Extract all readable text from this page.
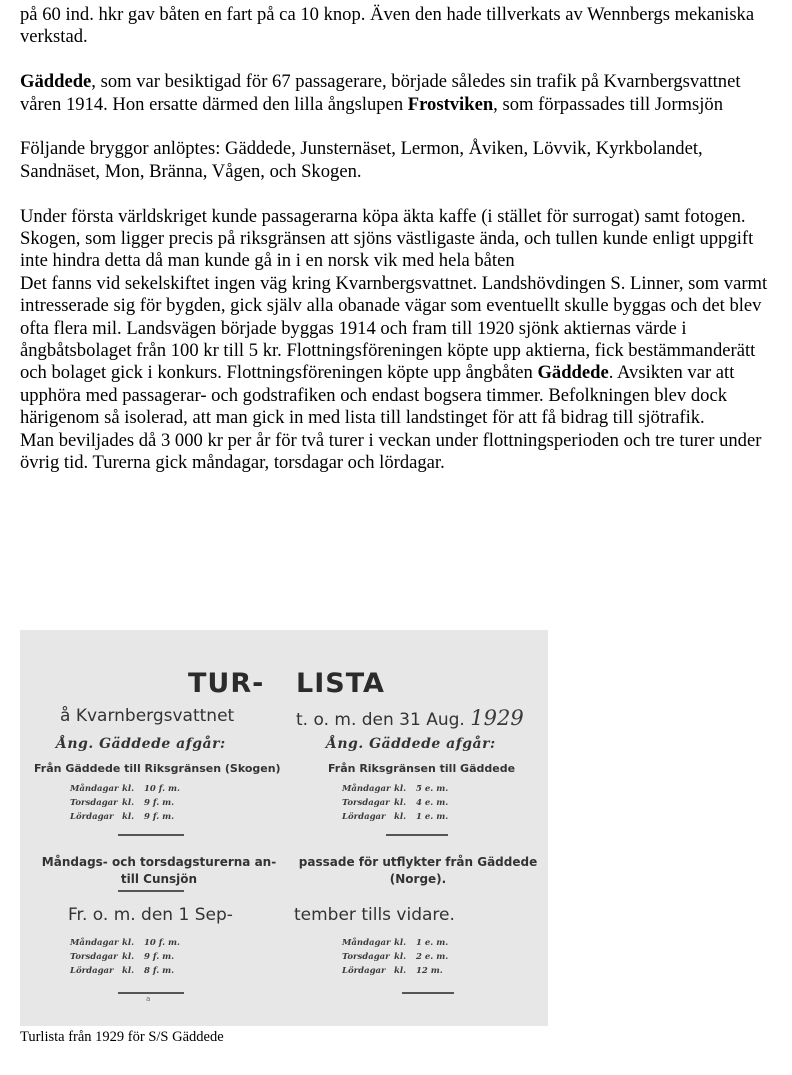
på 60 ind. hkr gav båten en fart på ca 10 knop. Även den hade tillverkats av Wennbergs mekaniska verkstad.

Gäddede, som var besiktigad för 67 passagerare, började således sin trafik på Kvarnbergsvattnet våren 1914. Hon ersatte därmed den lilla ångslupen Frostviken, som förpassades till Jormsjön

Följande bryggor anlöptes: Gäddede, Junsternäset, Lermon, Åviken, Lövvik, Kyrkbolandet, Sandnäset, Mon, Bränna, Vågen, och Skogen.

Under första världskriget kunde passagerarna köpa äkta kaffe (i stället för surrogat) samt fotogen. Skogen, som ligger precis på riksgränsen att sjöns västligaste ända, och tullen kunde enligt uppgift inte hindra detta då man kunde gå in i en norsk vik med hela båten

Det fanns vid sekelskiftet ingen väg kring Kvarnbergsvattnet. Landshövdingen S. Linner, som varmt intresserade sig för bygden, gick själv alla obanade vägar som eventuellt skulle byggas och det blev ofta flera mil. Landsvägen började byggas 1914 och fram till 1920 sjönk aktiernas värde i ångbåtsbolaget från 100 kr till 5 kr. Flottningsföreningen köpte upp aktierna, fick bestämmanderätt och bolaget gick i konkurs. Flottningsföreningen köpte upp ångbåten Gäddede. Avsikten var att upphöra med passagerar- och godstrafiken och endast bogsera timmer. Befolkningen blev dock härigenom så isolerad, att man gick in med lista till landstinget för att få bidrag till sjötrafik.

Man beviljades då 3 000 kr per år för två turer i veckan under flottningsperioden och tre turer under övrig tid. Turerna gick måndagar, torsdagar och lördagar.

TUR-
å Kvarnbergsvattnet
Ång. Gäddede afgår:
Från Gäddede till Riksgränsen (Skogen)
Måndagar kl. 10 f. m.
Torsdagar kl. 9 f. m.
Lördagar kl. 9 f. m.
Måndags- och torsdagsturerna an-
till Cunsjön
Fr. o. m. den 1 Sep-
Måndagar kl. 10 f. m.
Torsdagar kl. 9 f. m.
Lördagar kl. 8 f. m.
a
LISTA
t. o. m. den 31 Aug. 1929
Ång. Gäddede afgår:
Från Riksgränsen till Gäddede
Måndagar kl. 5 e. m.
Torsdagar kl. 4 e. m.
Lördagar kl. 1 e. m.
passade för utflykter från Gäddede
(Norge).
tember tills vidare.
Måndagar kl. 1 e. m.
Torsdagar kl. 2 e. m.
Lördagar kl. 12 m.
Turlista från 1929 för S/S Gäddede
